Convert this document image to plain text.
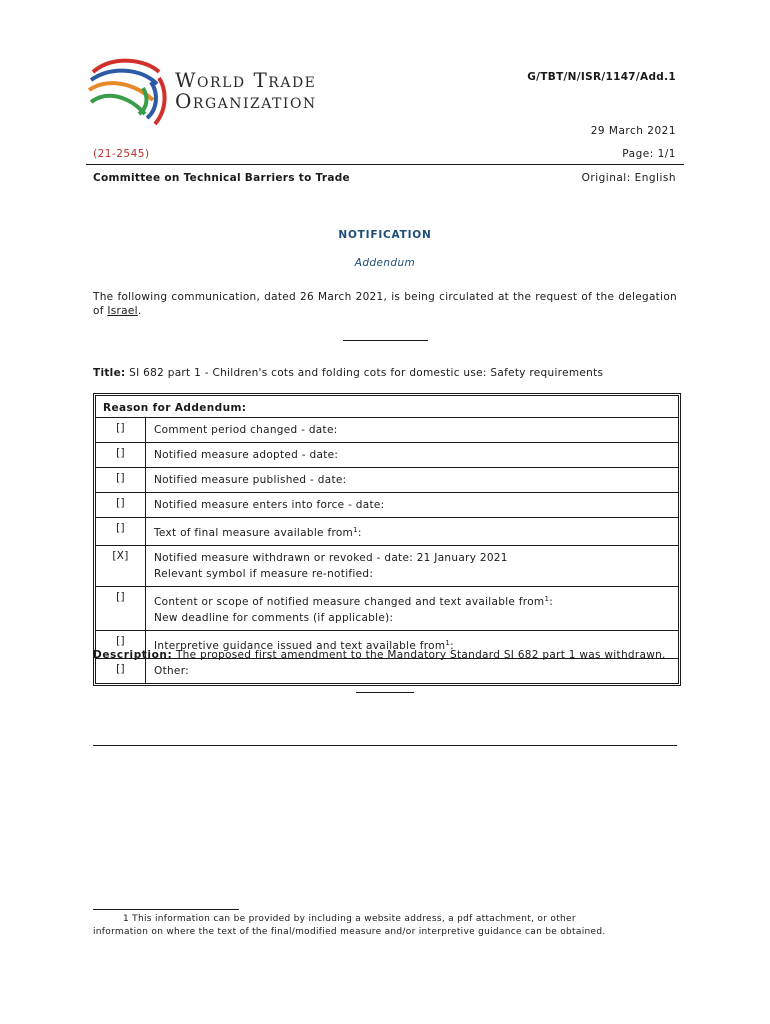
World Trade
Organization
G/TBT/N/ISR/1147/Add.1
29 March 2021
(21-2545)	Page: 1/1
Committee on Technical Barriers to Trade	Original: English
NOTIFICATION
Addendum
The following communication, dated 26 March 2021, is being circulated at the request of the delegation of Israel.
Title: SI 682 part 1 - Children's cots and folding cots for domestic use: Safety requirements
Reason for Addendum:
[]	Comment period changed - date:
[]	Notified measure adopted - date:
[]	Notified measure published - date:
[]	Notified measure enters into force - date:
[]	Text of final measure available from$^1$:
[X]	Notified measure withdrawn or revoked - date: 21 January 2021
Relevant symbol if measure re-notified:
[]	Content or scope of notified measure changed and text available from$^1$:
New deadline for comments (if applicable):
[]	Interpretive guidance issued and text available from$^1$:
[]	Other:
Description: The proposed first amendment to the Mandatory Standard SI 682 part 1 was withdrawn.
1 This information can be provided by including a website address, a pdf attachment, or other
information on where the text of the final/modified measure and/or interpretive guidance can be obtained.
